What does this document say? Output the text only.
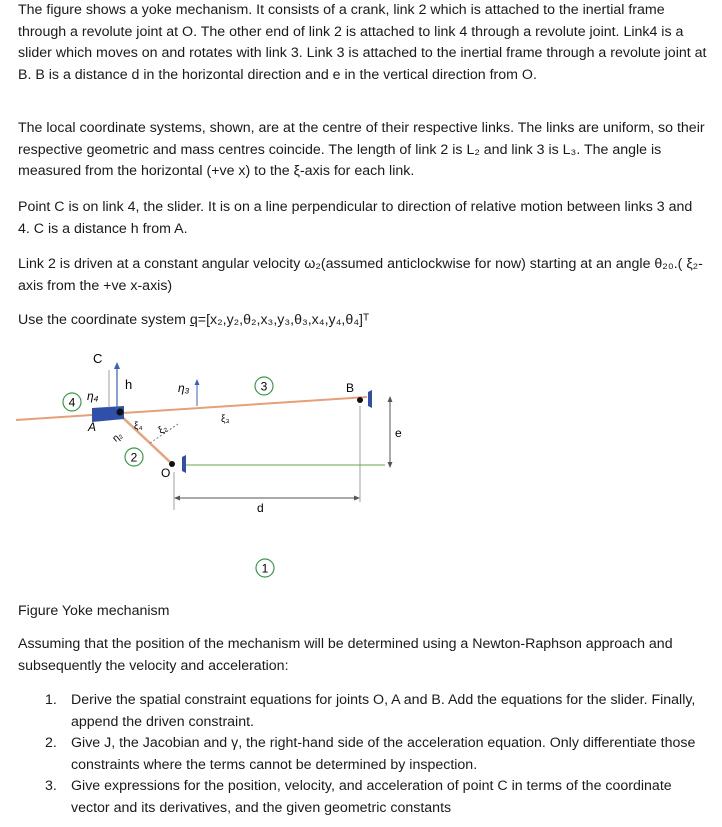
The figure shows a yoke mechanism. It consists of a crank, link 2 which is attached to the inertial frame through a revolute joint at O. The other end of link 2 is attached to link 4 through a revolute joint. Link4 is a slider which moves on and rotates with link 3. Link 3 is attached to the inertial frame through a revolute joint at B. B is a distance d in the horizontal direction and e in the vertical direction from O.

The local coordinate systems, shown, are at the centre of their respective links. The links are uniform, so their respective geometric and mass centres coincide. The length of link 2 is L₂ and link 3 is L₃. The angle is measured from the horizontal (+ve x) to the ξ-axis for each link.

Point C is on link 4, the slider. It is on a line perpendicular to direction of relative motion between links 3 and 4. C is a distance h from A.

Link 2 is driven at a constant angular velocity ω₂(assumed anticlockwise for now) starting at an angle θ₂₀.( ξ₂-axis from the +ve x-axis)

Use the coordinate system q=[x₂,y₂,θ₂,x₃,y₃,θ₃,x₄,y₄,θ₄]ᵀ

4
3
2
1
C
h
η₄
η₃
A
B
O
ξ₄
ξ₃
ξ₂
η₂
d
e

Figure Yoke mechanism

Assuming that the position of the mechanism will be determined using a Newton-Raphson approach and subsequently the velocity and acceleration:

1. Derive the spatial constraint equations for joints O, A and B. Add the equations for the slider. Finally, append the driven constraint.
2. Give J, the Jacobian and γ, the right-hand side of the acceleration equation. Only differentiate those constraints where the terms cannot be determined by inspection.
3. Give expressions for the position, velocity, and acceleration of point C in terms of the coordinate vector and its derivatives, and the given geometric constants
